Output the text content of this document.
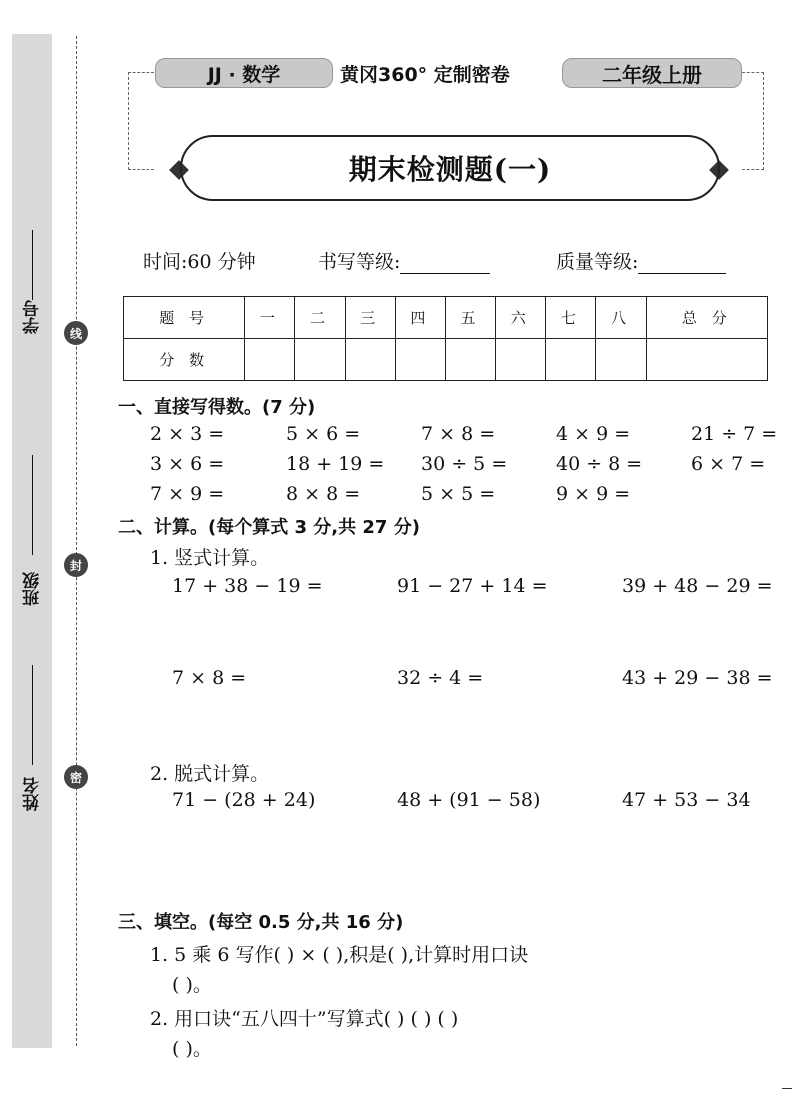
学号
班级
姓名
线
封
密
JJ · 数学	黄冈360° 定制密卷	二年级上册
期末检测题(一)
时间:60 分钟	书写等级:	质量等级:
题 号	一	二	三	四	五	六	七	八	总 分
分 数									
一、直接写得数。(7 分)
2 × 3 =	5 × 6 =	7 × 8 =	4 × 9 =	21 ÷ 7 =
3 × 6 =	18 + 19 = 30 ÷ 5 =	40 ÷ 8 =	6 × 7 =
7 × 9 =	8 × 8 =	5 × 5 =	9 × 9 =
二、计算。(每个算式 3 分,共 27 分)
1. 竖式计算。
17 + 38 − 19 =	91 − 27 + 14 =	39 + 48 − 29 =
7 × 8 =	32 ÷ 4 =	43 + 29 − 38 =
2. 脱式计算。
71 − (28 + 24)	48 + (91 − 58)	47 + 53 − 34
三、填空。(每空 0.5 分,共 16 分)
1. 5 乘 6 写作( ) × ( ),积是( ),计算时用口诀
( )。
2. 用口诀“五八四十”写算式( ) ( ) ( )
( )。
